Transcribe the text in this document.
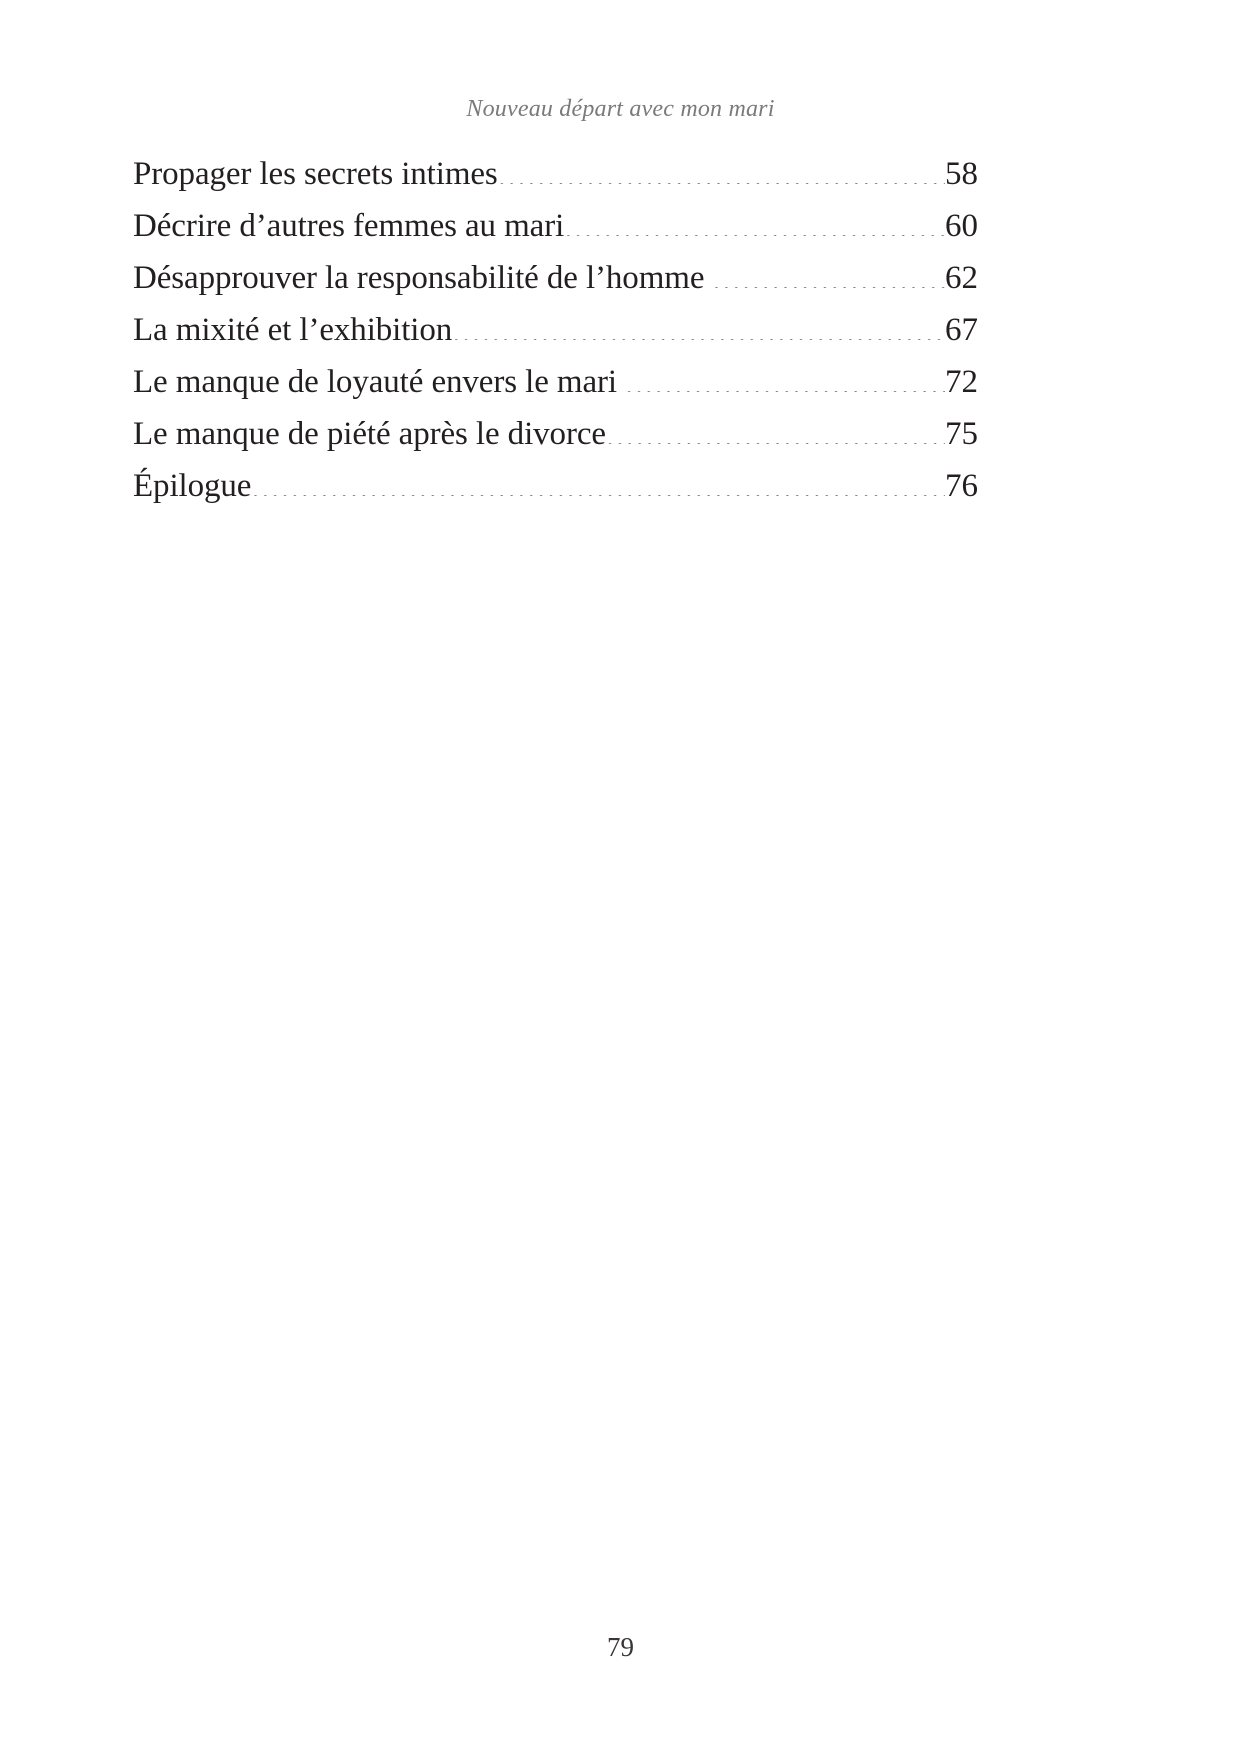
Nouveau départ avec mon mari
Propager les secrets intimes .....	58
Décrire d’autres femmes au mari .....	60
Désapprouver la responsabilité de l’homme .....	62
La mixité et l’exhibition .....	67
Le manque de loyauté envers le mari .....	72
Le manque de piété après le divorce .....	75
Épilogue .....	76
79
